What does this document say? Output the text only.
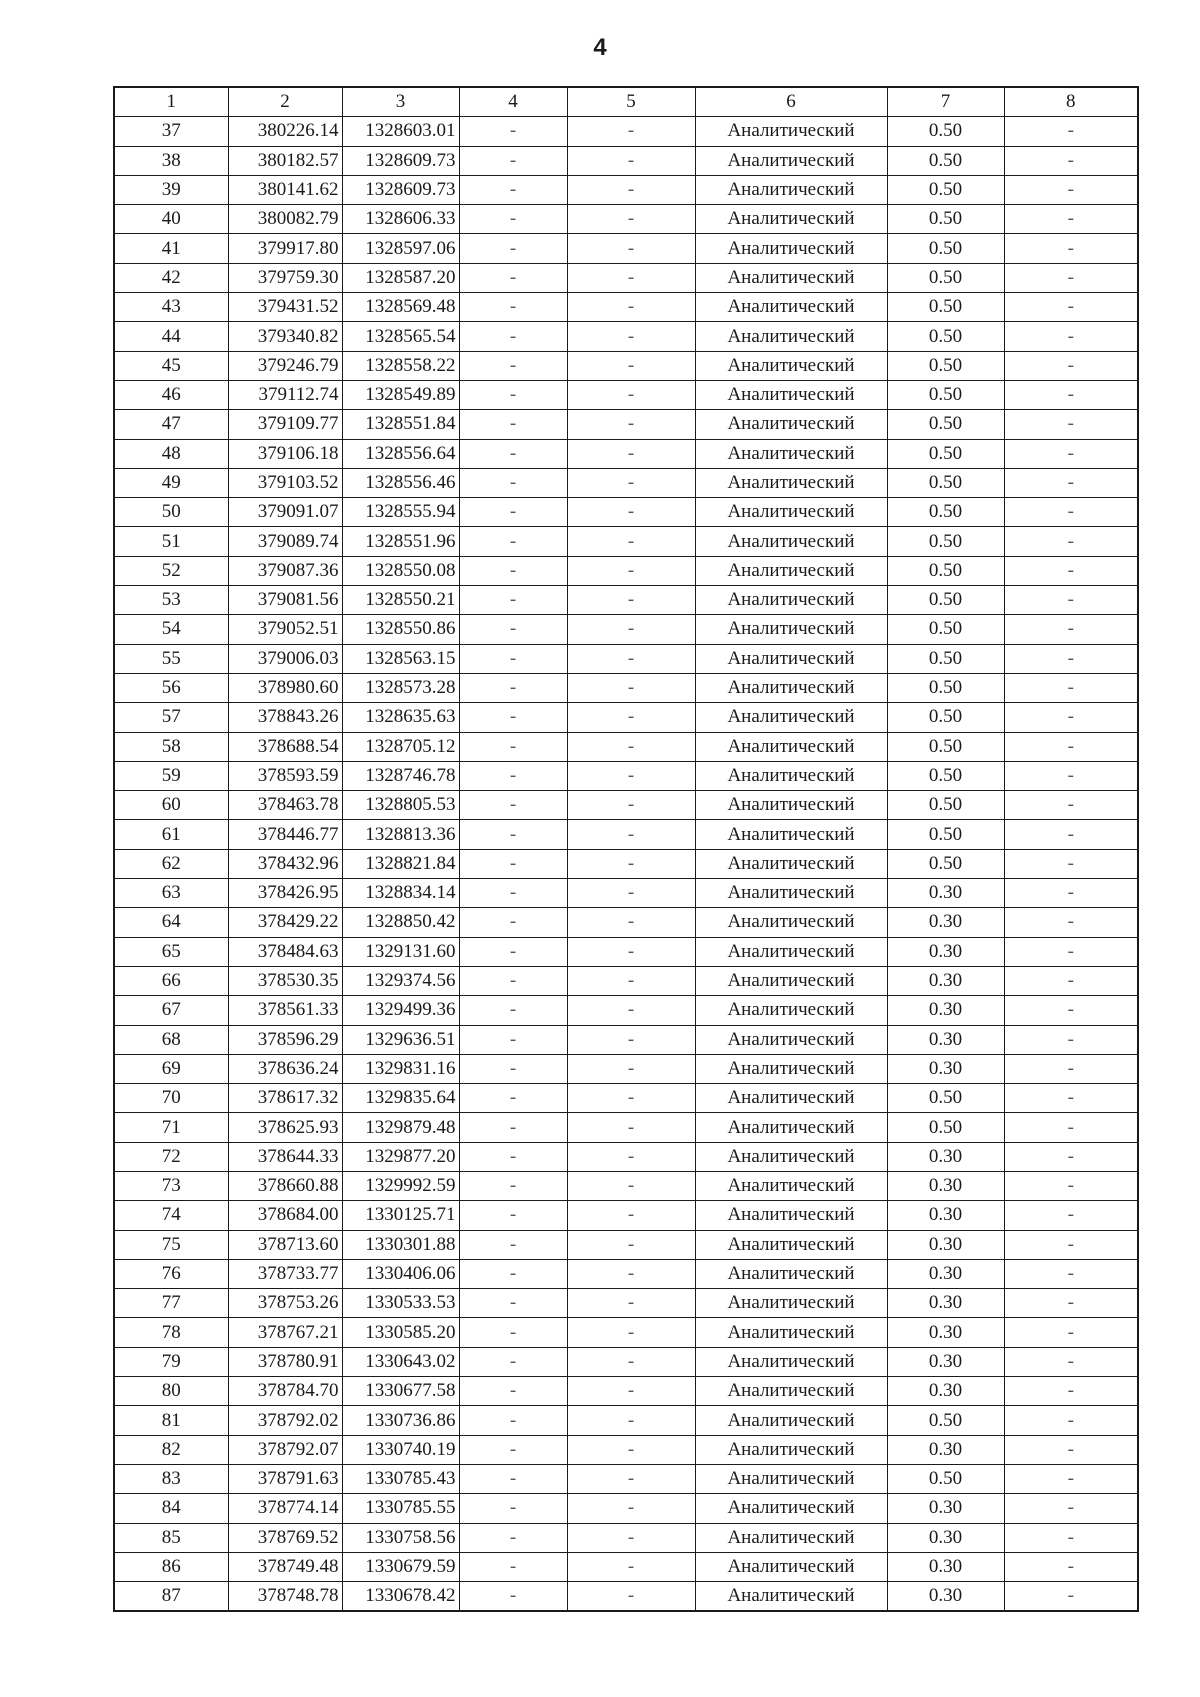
4
1	2	3	4	5	6	7	8
37	380226.14	1328603.01	-	-	Аналитический	0.50	-
38	380182.57	1328609.73	-	-	Аналитический	0.50	-
39	380141.62	1328609.73	-	-	Аналитический	0.50	-
40	380082.79	1328606.33	-	-	Аналитический	0.50	-
41	379917.80	1328597.06	-	-	Аналитический	0.50	-
42	379759.30	1328587.20	-	-	Аналитический	0.50	-
43	379431.52	1328569.48	-	-	Аналитический	0.50	-
44	379340.82	1328565.54	-	-	Аналитический	0.50	-
45	379246.79	1328558.22	-	-	Аналитический	0.50	-
46	379112.74	1328549.89	-	-	Аналитический	0.50	-
47	379109.77	1328551.84	-	-	Аналитический	0.50	-
48	379106.18	1328556.64	-	-	Аналитический	0.50	-
49	379103.52	1328556.46	-	-	Аналитический	0.50	-
50	379091.07	1328555.94	-	-	Аналитический	0.50	-
51	379089.74	1328551.96	-	-	Аналитический	0.50	-
52	379087.36	1328550.08	-	-	Аналитический	0.50	-
53	379081.56	1328550.21	-	-	Аналитический	0.50	-
54	379052.51	1328550.86	-	-	Аналитический	0.50	-
55	379006.03	1328563.15	-	-	Аналитический	0.50	-
56	378980.60	1328573.28	-	-	Аналитический	0.50	-
57	378843.26	1328635.63	-	-	Аналитический	0.50	-
58	378688.54	1328705.12	-	-	Аналитический	0.50	-
59	378593.59	1328746.78	-	-	Аналитический	0.50	-
60	378463.78	1328805.53	-	-	Аналитический	0.50	-
61	378446.77	1328813.36	-	-	Аналитический	0.50	-
62	378432.96	1328821.84	-	-	Аналитический	0.50	-
63	378426.95	1328834.14	-	-	Аналитический	0.30	-
64	378429.22	1328850.42	-	-	Аналитический	0.30	-
65	378484.63	1329131.60	-	-	Аналитический	0.30	-
66	378530.35	1329374.56	-	-	Аналитический	0.30	-
67	378561.33	1329499.36	-	-	Аналитический	0.30	-
68	378596.29	1329636.51	-	-	Аналитический	0.30	-
69	378636.24	1329831.16	-	-	Аналитический	0.30	-
70	378617.32	1329835.64	-	-	Аналитический	0.50	-
71	378625.93	1329879.48	-	-	Аналитический	0.50	-
72	378644.33	1329877.20	-	-	Аналитический	0.30	-
73	378660.88	1329992.59	-	-	Аналитический	0.30	-
74	378684.00	1330125.71	-	-	Аналитический	0.30	-
75	378713.60	1330301.88	-	-	Аналитический	0.30	-
76	378733.77	1330406.06	-	-	Аналитический	0.30	-
77	378753.26	1330533.53	-	-	Аналитический	0.30	-
78	378767.21	1330585.20	-	-	Аналитический	0.30	-
79	378780.91	1330643.02	-	-	Аналитический	0.30	-
80	378784.70	1330677.58	-	-	Аналитический	0.30	-
81	378792.02	1330736.86	-	-	Аналитический	0.50	-
82	378792.07	1330740.19	-	-	Аналитический	0.30	-
83	378791.63	1330785.43	-	-	Аналитический	0.50	-
84	378774.14	1330785.55	-	-	Аналитический	0.30	-
85	378769.52	1330758.56	-	-	Аналитический	0.30	-
86	378749.48	1330679.59	-	-	Аналитический	0.30	-
87	378748.78	1330678.42	-	-	Аналитический	0.30	-
